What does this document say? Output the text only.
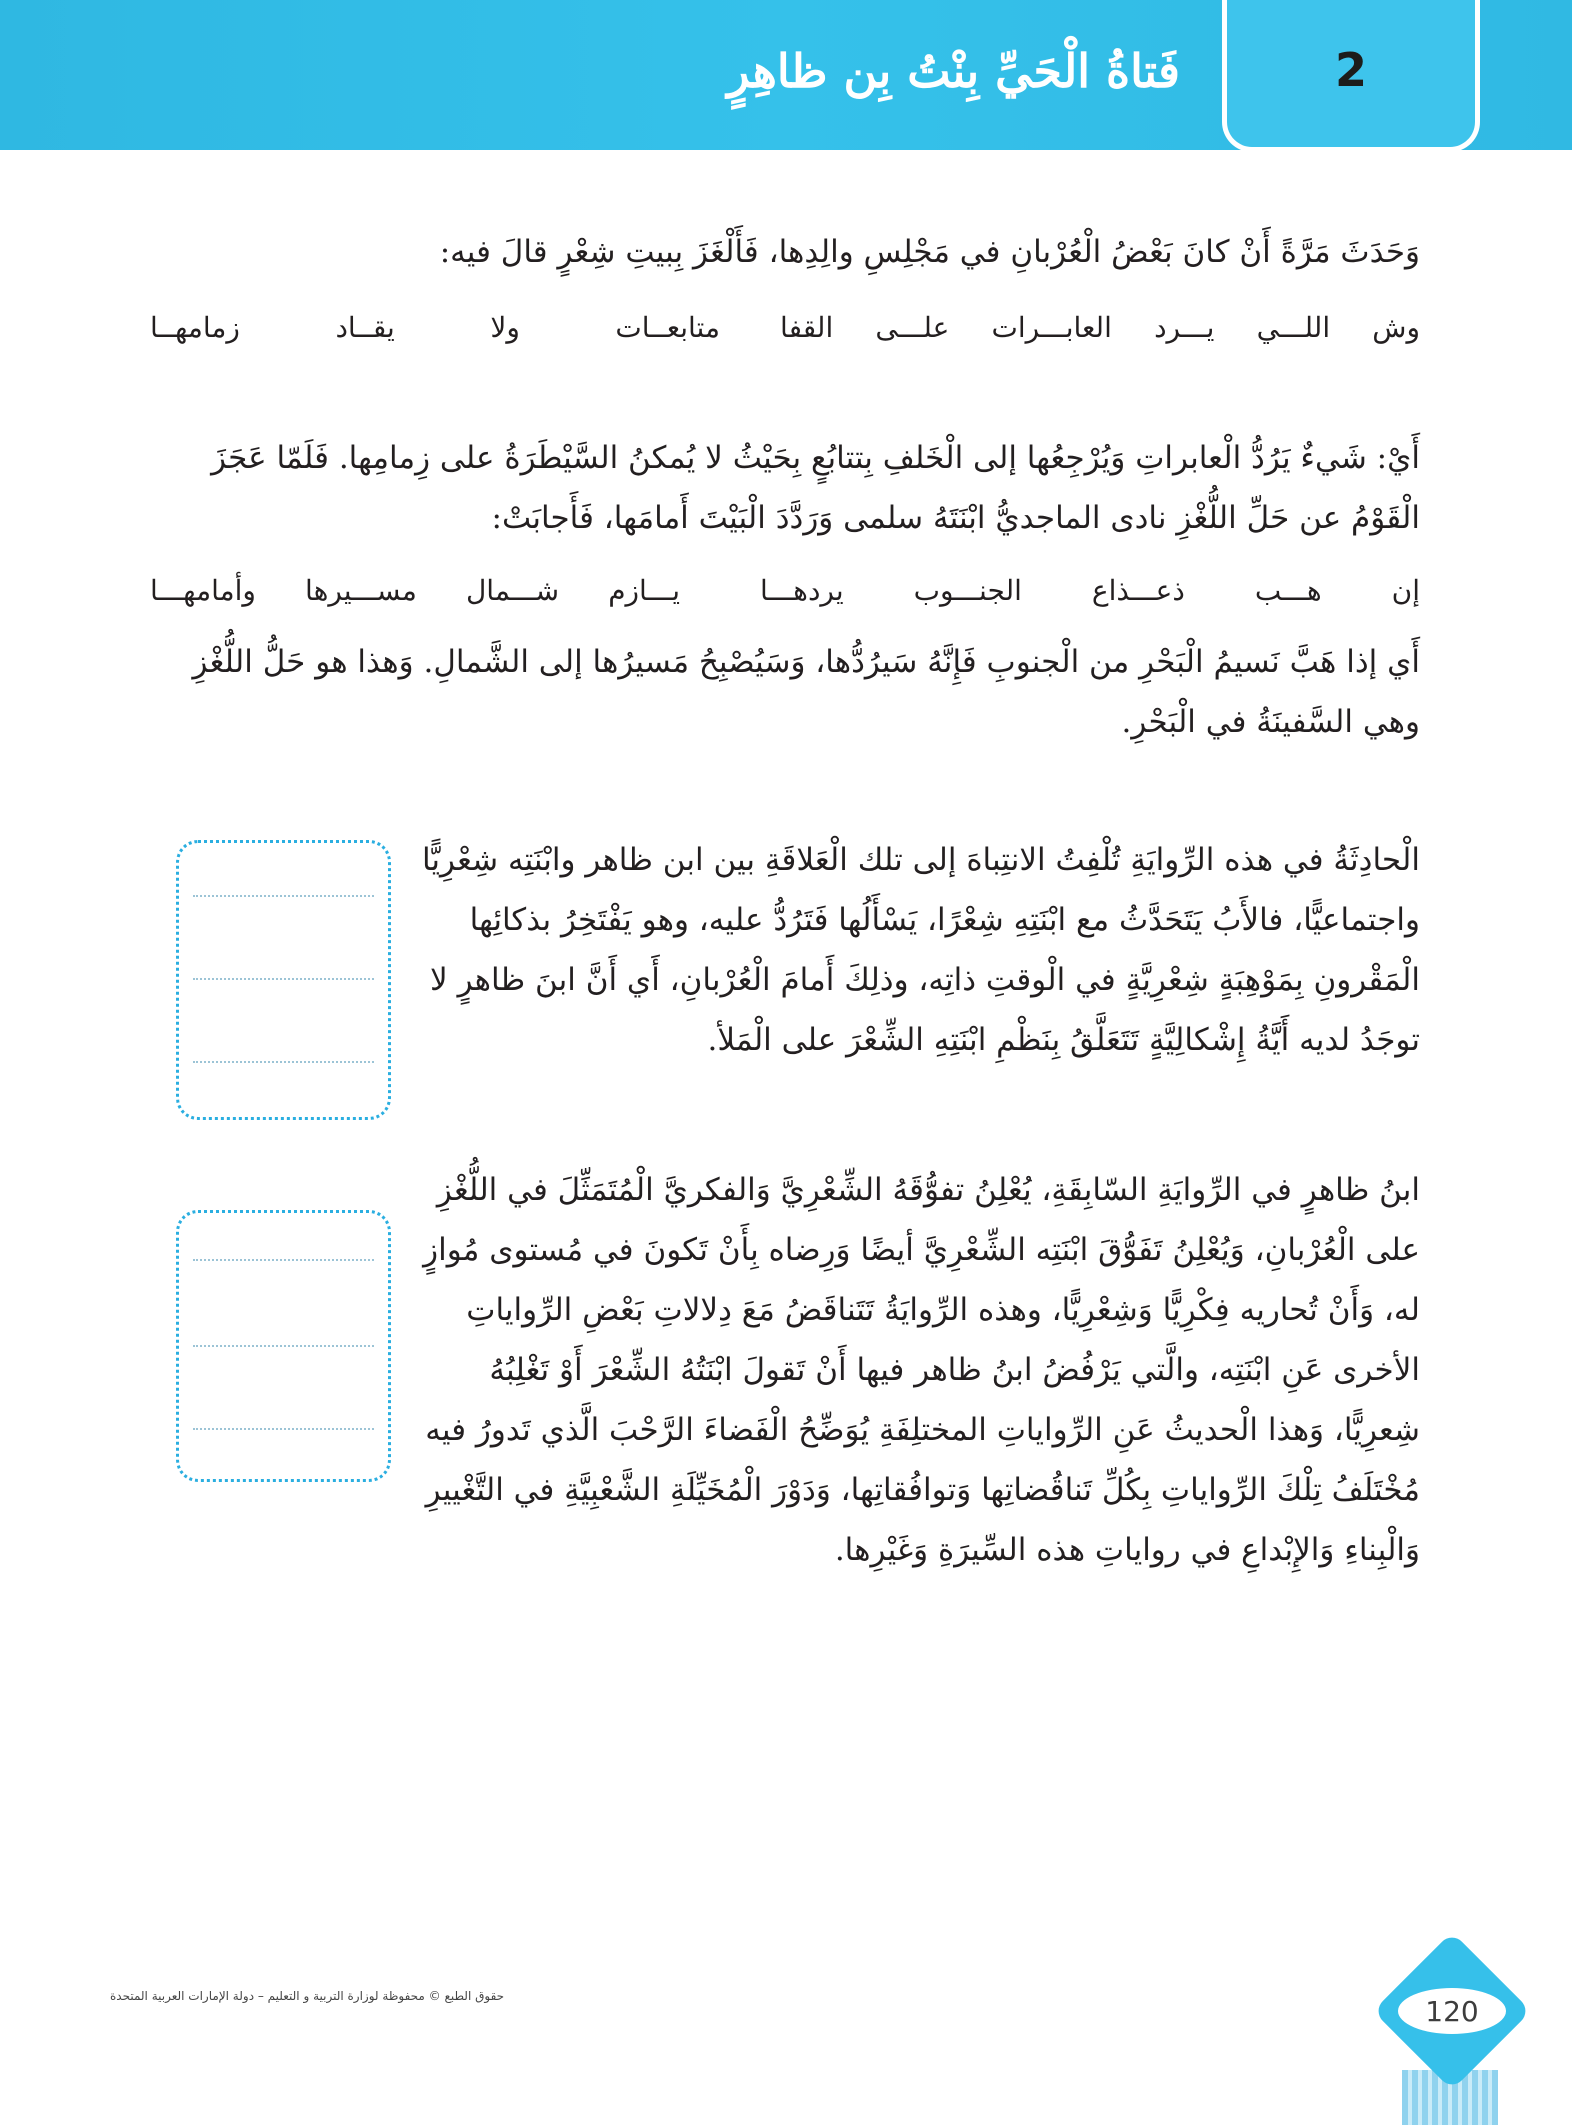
فَتاةُ الْحَيِّ بِنْتُ بِن ظاهِرٍ	2
وَحَدَثَ مَرَّةً أَنْ كانَ بَعْضُ الْعُرْبانِ في مَجْلِسِ والِدِها، فَأَلْغَزَ بِبيتِ شِعْرٍ قالَ فيه:
وش
اللـــي
يـــرد
العابـــرات
علـــى
القفا
متابعــات
ولا
يقــاد
زمامهــا
أَيْ: شَيءٌ يَرُدُّ الْعابراتِ وَيُرْجِعُها إلى الْخَلفِ بِتتابُعٍ بِحَيْثُ لا يُمكنُ السَّيْطَرَةُ على زِمامِها. فَلَمّا عَجَزَ الْقَوْمُ عن حَلِّ اللُّغْزِ نادى الماجديُّ ابْنَتَهُ سلمى وَرَدَّدَ الْبَيْتَ أَمامَها، فَأَجابَتْ:
إن
هـــب
ذعـــذاع
الجنـــوب
يردهـــا
يـــازم
شـــمال
مســـيرها
وأمامهـــا
أَي إذا هَبَّ نَسيمُ الْبَحْرِ من الْجنوبِ فَإِنَّهُ سَيرُدُّها، وَسَيُصْبِحُ مَسيرُها إلى الشَّمالِ. وَهذا هو حَلُّ اللُّغْزِ وهي السَّفينَةُ في الْبَحْرِ.
الْحادِثَةُ في هذه الرِّوايَةِ تُلْفِتُ الانتِباهَ إلى تلك الْعَلاقَةِ بين ابن ظاهر وابْنَتِه شِعْرِيًّا واجتماعيًّا، فالأَبُ يَتَحَدَّثُ مع ابْنَتِهِ شِعْرًا، يَسْأَلُها فَتَرُدُّ عليه، وهو يَفْتَخِرُ بذكائِها الْمَقْرونِ بِمَوْهِبَةٍ شِعْرِيَّةٍ في الْوقتِ ذاتِه، وذلِكَ أَمامَ الْعُرْبانِ، أَي أَنَّ ابنَ ظاهرٍ لا توجَدُ لديه أَيَّةُ إِشْكالِيَّةٍ تَتَعَلَّقُ بِنَظْمِ ابْنَتِهِ الشِّعْرَ على الْمَلأ.
ابنُ ظاهرٍ في الرِّوايَةِ السّابِقَةِ، يُعْلِنُ تفوُّقَهُ الشِّعْرِيَّ وَالفكريَّ الْمُتَمَثِّلَ في اللُّغْزِ على الْعُرْبانِ، وَيُعْلِنُ تَفَوُّقَ ابْنَتِه الشِّعْرِيَّ أيضًا وَرِضاه بِأَنْ تَكونَ في مُستوى مُوازٍ له، وَأَنْ تُحاريه فِكْرِيًّا وَشِعْرِيًّا، وهذه الرِّوايَةُ تَتَناقَضُ مَعَ دِلالاتِ بَعْضِ الرِّواياتِ الأخرى عَنِ ابْنَتِه، والَّتي يَرْفُضُ ابنُ ظاهر فيها أَنْ تَقولَ ابْنَتُهُ الشِّعْرَ أَوْ تَغْلِبُهُ شِعرِيًّا، وَهذا الْحديثُ عَنِ الرِّواياتِ المختلِفَةِ يُوَضِّحُ الْفَضاءَ الرَّحْبَ الَّذي تَدورُ فيه مُخْتَلَفُ تِلْكَ الرِّواياتِ بِكُلِّ تَناقُضاتِها وَتوافُقاتِها، وَدَوْرَ الْمُخَيِّلَةِ الشَّعْبِيَّةِ في التَّغْييرِ وَالْبِناءِ وَالإِبْداعِ في رواياتِ هذه السِّيرَةِ وَغَيْرِها.
حقوق الطبع © محفوظة لوزارة التربية و التعليم – دولة الإمارات العربية المتحدة	120
